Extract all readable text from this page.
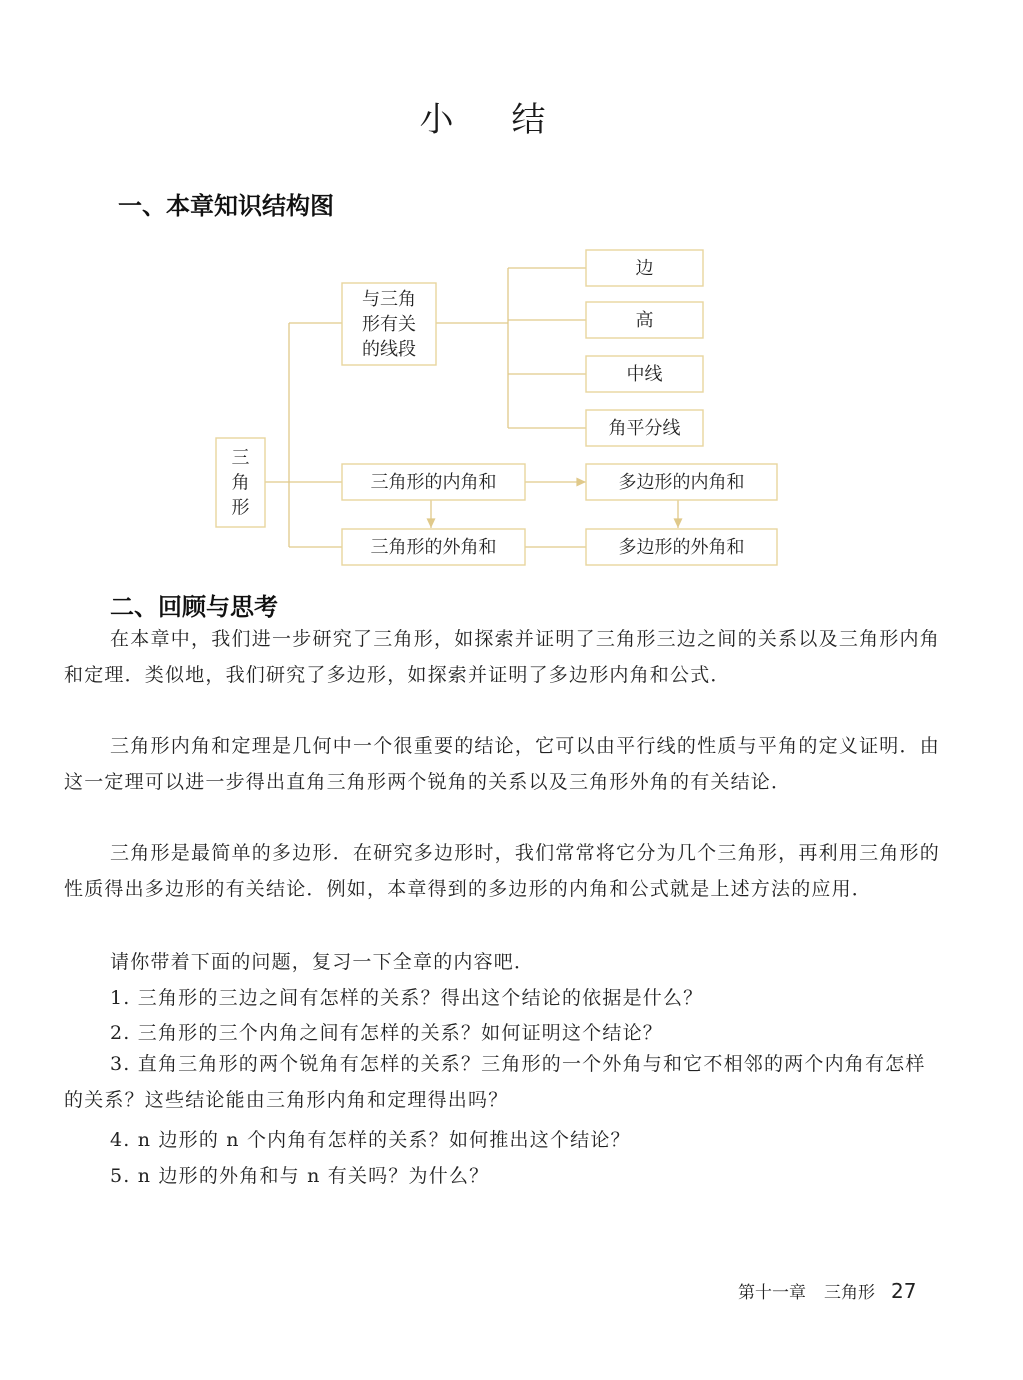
小结
一、本章知识结构图
三
角
形
与三角
形有关
的线段
边
高
中线
角平分线
三角形的内角和
三角形的外角和
多边形的内角和
多边形的外角和
二、回顾与思考
在本章中，我们进一步研究了三角形，如探索并证明了三角形三边之间的关系以及三角形内角和定理．类似地，我们研究了多边形，如探索并证明了多边形内角和公式．
三角形内角和定理是几何中一个很重要的结论，它可以由平行线的性质与平角的定义证明．由这一定理可以进一步得出直角三角形两个锐角的关系以及三角形外角的有关结论．
三角形是最简单的多边形．在研究多边形时，我们常常将它分为几个三角形，再利用三角形的性质得出多边形的有关结论．例如，本章得到的多边形的内角和公式就是上述方法的应用．
请你带着下面的问题，复习一下全章的内容吧．
1. 三角形的三边之间有怎样的关系？得出这个结论的依据是什么？
2. 三角形的三个内角之间有怎样的关系？如何证明这个结论？
3. 直角三角形的两个锐角有怎样的关系？三角形的一个外角与和它不相邻的两个内角有怎样的关系？这些结论能由三角形内角和定理得出吗？
4. n 边形的 n 个内角有怎样的关系？如何推出这个结论？
5. n 边形的外角和与 n 有关吗？为什么？
第十一章 三角形 27
